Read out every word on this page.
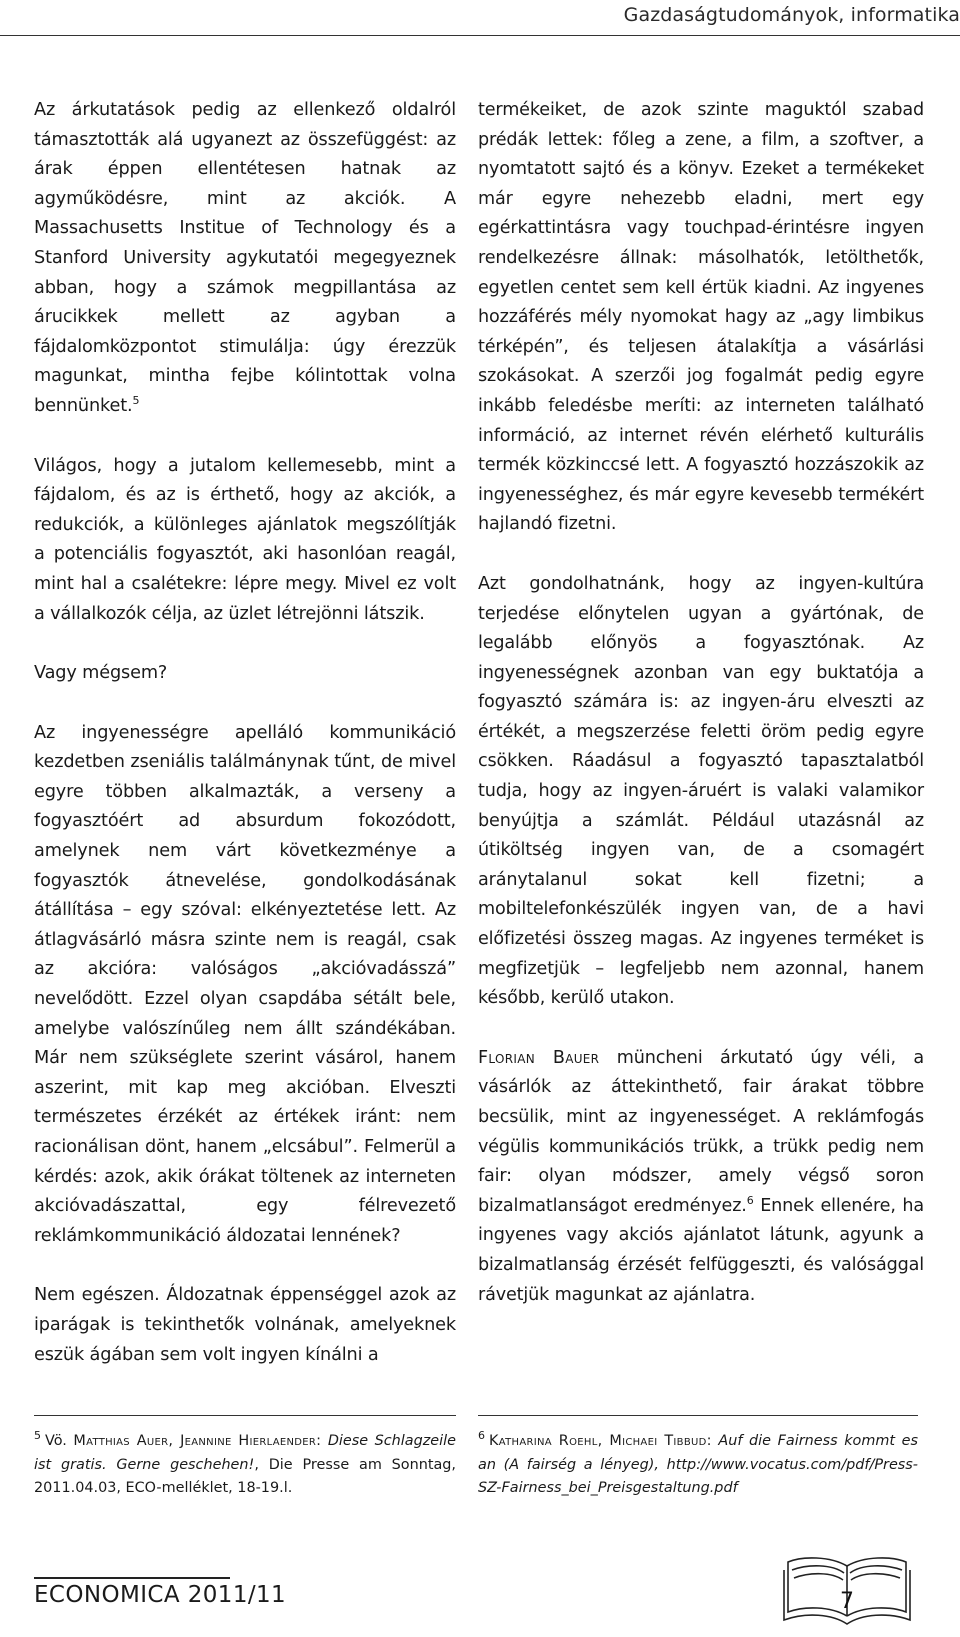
Gazdaságtudományok, informatika

Az árkutatások pedig az ellenkező oldalról támasztották alá ugyanezt az összefüggést: az árak éppen ellentétesen hatnak az agyműködésre, mint az akciók. A Massachusetts Institue of Technology és a Stanford University agykutatói megegyeznek abban, hogy a számok megpillantása az árucikkek mellett az agyban a fájdalomközpontot stimulálja: úgy érezzük magunkat, mintha fejbe kólintottak volna bennünket.$^5$

Világos, hogy a jutalom kellemesebb, mint a fájdalom, és az is érthető, hogy az akciók, a redukciók, a különleges ajánlatok megszólítják a potenciális fogyasztót, aki hasonlóan reagál, mint hal a csalétekre: lépre megy. Mivel ez volt a vállalkozók célja, az üzlet létrejönni látszik.

Vagy mégsem?

Az ingyenességre apelláló kommunikáció kezdetben zseniális találmánynak tűnt, de mivel egyre többen alkalmazták, a verseny a fogyasztóért ad absurdum fokozódott, amelynek nem várt következménye a fogyasztók átnevelése, gondolkodásának átállítása – egy szóval: elkényeztetése lett. Az átlagvásárló másra szinte nem is reagál, csak az akcióra: valóságos „akcióvadásszá” nevelődött. Ezzel olyan csapdába sétált bele, amelybe valószínűleg nem állt szándékában. Már nem szükséglete szerint vásárol, hanem aszerint, mit kap meg akcióban. Elveszti természetes érzékét az értékek iránt: nem racionálisan dönt, hanem „elcsábul”. Felmerül a kérdés: azok, akik órákat töltenek az interneten akcióvadászattal, egy félrevezető reklámkommunikáció áldozatai lennének?

Nem egészen. Áldozatnak éppenséggel azok az iparágak is tekinthetők volnának, amelyeknek eszük ágában sem volt ingyen kínálni a

termékeiket, de azok szinte maguktól szabad prédák lettek: főleg a zene, a film, a szoftver, a nyomtatott sajtó és a könyv. Ezeket a termékeket már egyre nehezebb eladni, mert egy egérkattintásra vagy touchpad-érintésre ingyen rendelkezésre állnak: másolhatók, letölthetők, egyetlen centet sem kell értük kiadni. Az ingyenes hozzáférés mély nyomokat hagy az „agy limbikus térképén”, és teljesen átalakítja a vásárlási szokásokat. A szerzői jog fogalmát pedig egyre inkább feledésbe meríti: az interneten található információ, az internet révén elérhető kulturális termék közkinccsé lett. A fogyasztó hozzászokik az ingyenességhez, és már egyre kevesebb termékért hajlandó fizetni.

Azt gondolhatnánk, hogy az ingyen-kultúra terjedése előnytelen ugyan a gyártónak, de legalább előnyös a fogyasztónak. Az ingyenességnek azonban van egy buktatója a fogyasztó számára is: az ingyen-áru elveszti az értékét, a megszerzése feletti öröm pedig egyre csökken. Ráadásul a fogyasztó tapasztalatból tudja, hogy az ingyen-áruért is valaki valamikor benyújtja a számlát. Például utazásnál az útiköltség ingyen van, de a csomagért aránytalanul sokat kell fizetni; a mobiltelefonkészülék ingyen van, de a havi előfizetési összeg magas. Az ingyenes terméket is megfizetjük – legfeljebb nem azonnal, hanem később, kerülő utakon.

Florian Bauer müncheni árkutató úgy véli, a vásárlók az áttekinthető, fair árakat többre becsülik, mint az ingyenességet. A reklámfogás végülis kommunikációs trükk, a trükk pedig nem fair: olyan módszer, amely végső soron bizalmatlanságot eredményez.$^6$ Ennek ellenére, ha ingyenes vagy akciós ajánlatot látunk, agyunk a bizalmatlanság érzését felfüggeszti, és valósággal rávetjük magunkat az ajánlatra.

$^5$ Vö. Matthias Auer, Jeannine Hierlaender: Diese Schlagzeile ist gratis. Gerne geschehen!, Die Presse am Sonntag, 2011.04.03, ECO-melléklet, 18-19.l.
$^6$ Katharina Roehl, Michaei Tibbud: Auf die Fairness kommt es an (A fairség a lényeg), http://www.vocatus.com/pdf/Press-SZ-Fairness_bei_Preisgestaltung.pdf
ECONOMICA 2011/11	7
